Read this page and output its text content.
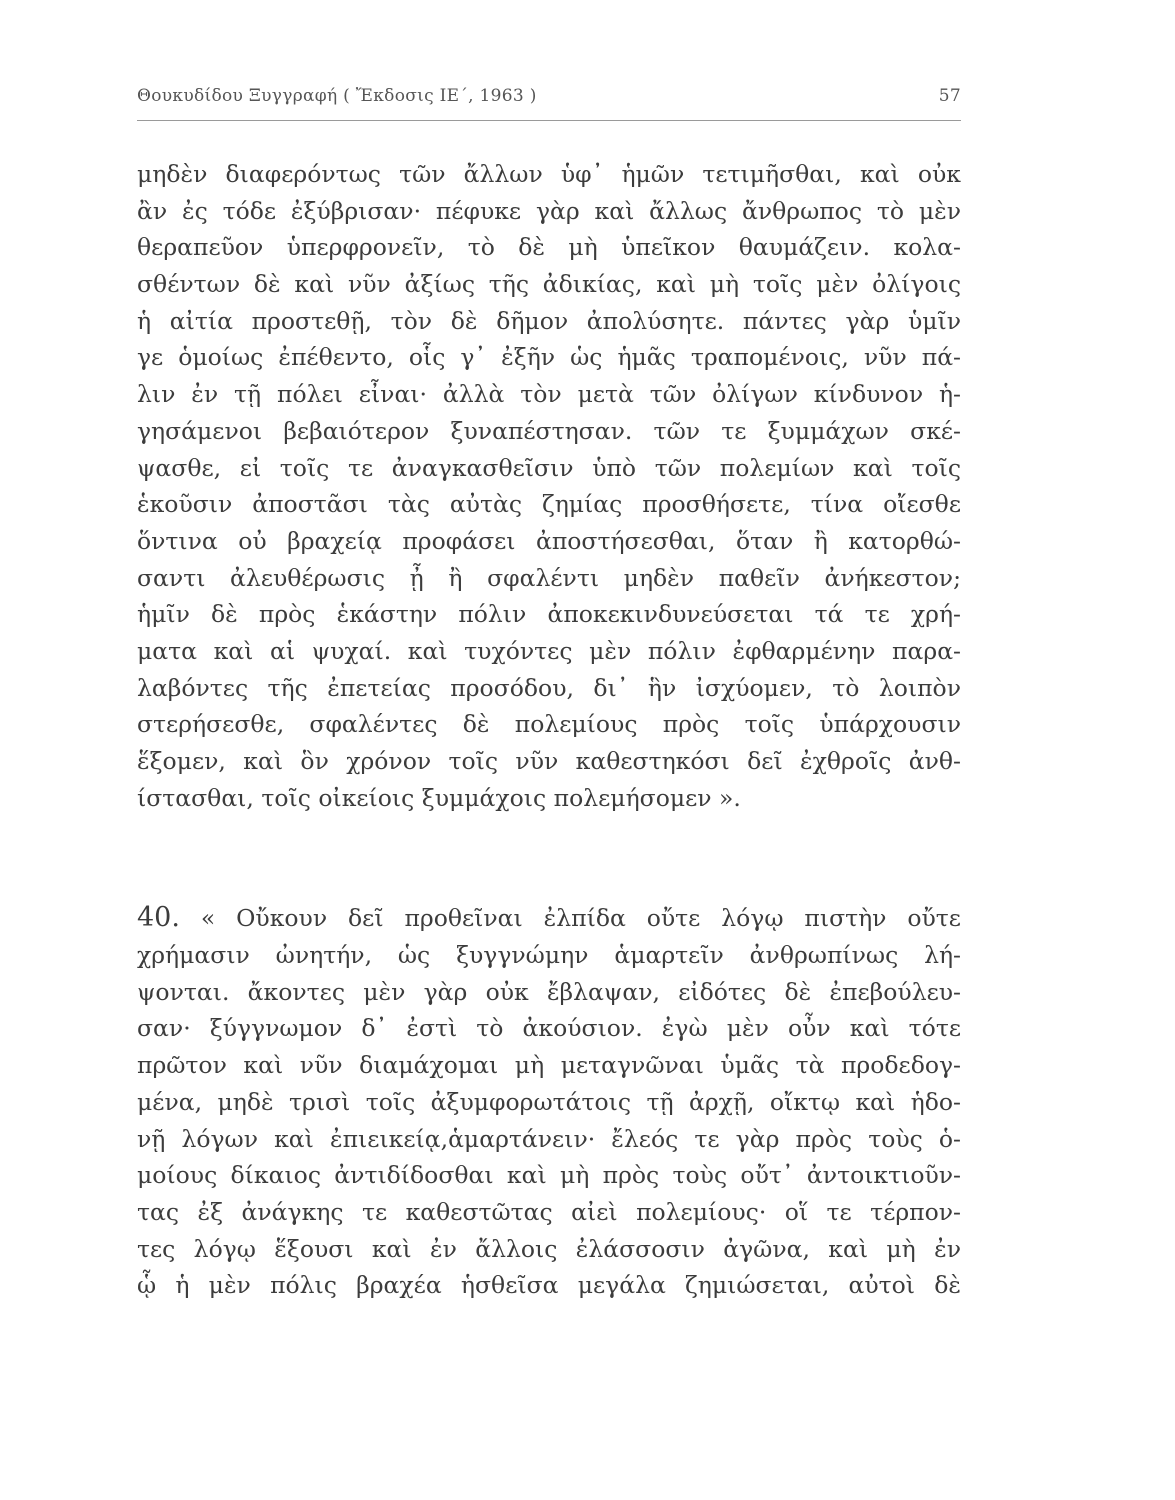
Θουκυδίδου Ξυγγραφή ( Ἔκδοσις ΙΕ΄, 1963 )	57
μηδὲν διαφερόντως τῶν ἄλλων ὑφ᾽ ἡμῶν τετιμῆσθαι, καὶ οὐκ
ἂν ἐς τόδε ἐξύβρισαν· πέφυκε γὰρ καὶ ἄλλως ἄνθρωπος τὸ μὲν
θεραπεῦον ὑπερφρονεῖν, τὸ δὲ μὴ ὑπεῖκον θαυμάζειν. κολα-
σθέντων δὲ καὶ νῦν ἀξίως τῆς ἀδικίας, καὶ μὴ τοῖς μὲν ὀλίγοις
ἡ αἰτία προστεθῇ, τὸν δὲ δῆμον ἀπολύσητε. πάντες γὰρ ὑμῖν
γε ὁμοίως ἐπέθεντο, οἷς γ᾽ ἐξῆν ὡς ἡμᾶς τραπομένοις, νῦν πά-
λιν ἐν τῇ πόλει εἶναι· ἀλλὰ τὸν μετὰ τῶν ὀλίγων κίνδυνον ἡ-
γησάμενοι βεβαιότερον ξυναπέστησαν. τῶν τε ξυμμάχων σκέ-
ψασθε, εἰ τοῖς τε ἀναγκασθεῖσιν ὑπὸ τῶν πολεμίων καὶ τοῖς
ἑκοῦσιν ἀποστᾶσι τὰς αὐτὰς ζημίας προσθήσετε, τίνα οἴεσθε
ὅντινα οὐ βραχείᾳ προφάσει ἀποστήσεσθαι, ὅταν ἢ κατορθώ-
σαντι ἀλευθέρωσις ᾖ ἢ σφαλέντι μηδὲν παθεῖν ἀνήκεστον;
ἡμῖν δὲ πρὸς ἑκάστην πόλιν ἀποκεκινδυνεύσεται τά τε χρή-
ματα καὶ αἱ ψυχαί. καὶ τυχόντες μὲν πόλιν ἐφθαρμένην παρα-
λαβόντες τῆς ἐπετείας προσόδου, δι᾽ ἣν ἰσχύομεν, τὸ λοιπὸν
στερήσεσθε, σφαλέντες δὲ πολεμίους πρὸς τοῖς ὑπάρχουσιν
ἕξομεν, καὶ ὃν χρόνον τοῖς νῦν καθεστηκόσι δεῖ ἐχθροῖς ἀνθ-
ίστασθαι, τοῖς οἰκείοις ξυμμάχοις πολεμήσομεν ».
40. « Οὔκουν δεῖ προθεῖναι ἐλπίδα οὔτε λόγῳ πιστὴν οὔτε
χρήμασιν ὠνητήν, ὡς ξυγγνώμην ἁμαρτεῖν ἀνθρωπίνως λή-
ψονται. ἄκοντες μὲν γὰρ οὐκ ἔβλαψαν, εἰδότες δὲ ἐπεβούλευ-
σαν· ξύγγνωμον δ᾽ ἐστὶ τὸ ἀκούσιον. ἐγὼ μὲν οὖν καὶ τότε
πρῶτον καὶ νῦν διαμάχομαι μὴ μεταγνῶναι ὑμᾶς τὰ προδεδογ-
μένα, μηδὲ τρισὶ τοῖς ἀξυμφορωτάτοις τῇ ἀρχῇ, οἴκτῳ καὶ ἡδο-
νῇ λόγων καὶ ἐπιεικείᾳ,ἁμαρτάνειν· ἔλεός τε γὰρ πρὸς τοὺς ὁ-
μοίους δίκαιος ἀντιδίδοσθαι καὶ μὴ πρὸς τοὺς οὔτ᾽ ἀντοικτιοῦν-
τας ἐξ ἀνάγκης τε καθεστῶτας αἰεὶ πολεμίους· οἵ τε τέρπον-
τες λόγῳ ἕξουσι καὶ ἐν ἄλλοις ἐλάσσοσιν ἀγῶνα, καὶ μὴ ἐν
ᾧ ἡ μὲν πόλις βραχέα ἡσθεῖσα μεγάλα ζημιώσεται, αὐτοὶ δὲ
